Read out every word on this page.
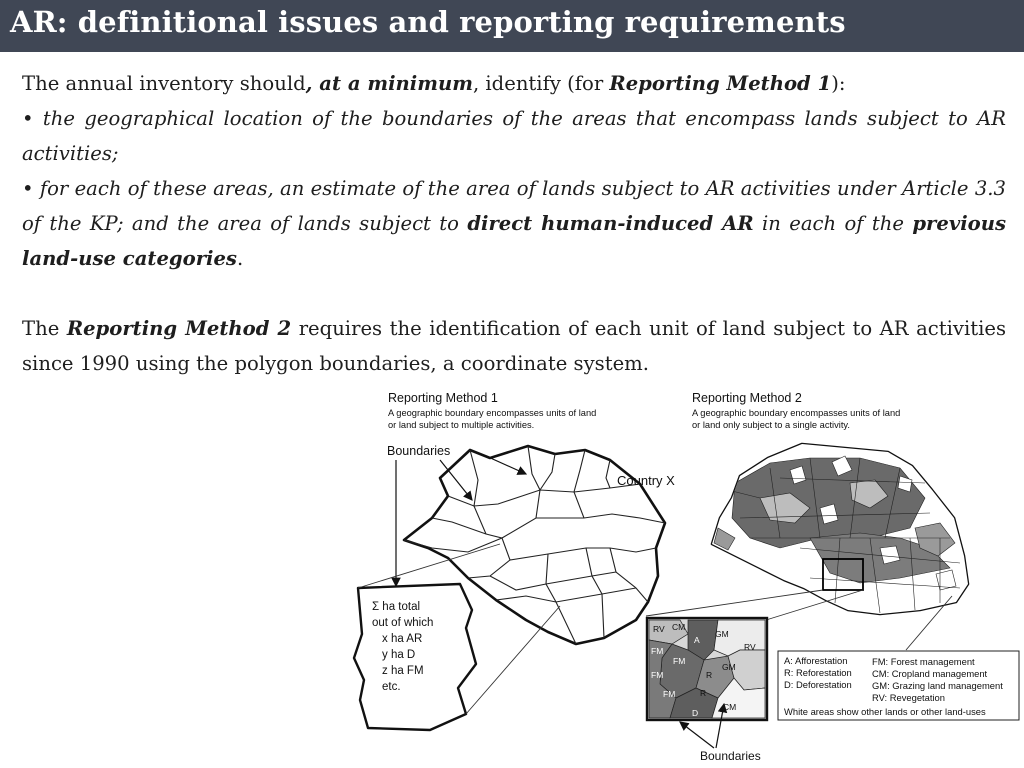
AR: definitional issues and reporting requirements

The annual inventory should, at a minimum, identify (for Reporting Method 1):

• the geographical location of the boundaries of the areas that encompass lands subject to AR activities;

• for each of these areas, an estimate of the area of lands subject to AR activities under Article 3.3 of the KP; and the area of lands subject to direct human-induced AR in each of the previous land-use categories.

The Reporting Method 2 requires the identification of each unit of land subject to AR activities since 1990 using the polygon boundaries, a coordinate system.

Reporting Method 1
A geographic boundary encompasses units of land
or land subject to multiple activities.
Boundaries
Country X
Σ ha total out of which x ha AR y ha D z ha FM etc.
Reporting Method 2
A geographic boundary encompasses units of land
or land only subject to a single activity.
RV CM
GM
A
FM
FM
RV
R
GM
FM
R
FM
D
CM
Boundaries
A: Afforestation
R: Reforestation
D: Deforestation
FM: Forest management
CM: Cropland management
GM: Grazing land management
RV: Revegetation
White areas show other lands or other land-uses
